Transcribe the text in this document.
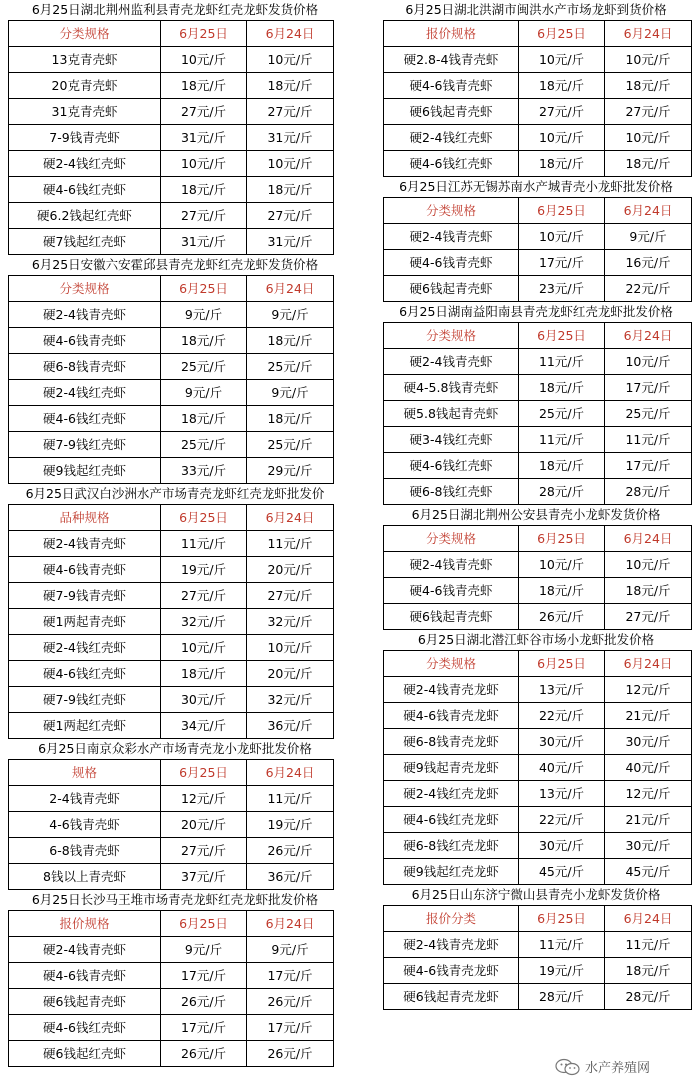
6月25日湖北荆州监利县青壳龙虾红壳龙虾发货价格
分类规格	6月25日	6月24日
13克青壳虾	10元/斤	10元/斤
20克青壳虾	18元/斤	18元/斤
31克青壳虾	27元/斤	27元/斤
7-9钱青壳虾	31元/斤	31元/斤
硬2-4钱红壳虾	10元/斤	10元/斤
硬4-6钱红壳虾	18元/斤	18元/斤
硬6.2钱起红壳虾	27元/斤	27元/斤
硬7钱起红壳虾	31元/斤	31元/斤
6月25日安徽六安霍邱县青壳龙虾红壳龙虾发货价格
分类规格	6月25日	6月24日
硬2-4钱青壳虾	9元/斤	9元/斤
硬4-6钱青壳虾	18元/斤	18元/斤
硬6-8钱青壳虾	25元/斤	25元/斤
硬2-4钱红壳虾	9元/斤	9元/斤
硬4-6钱红壳虾	18元/斤	18元/斤
硬7-9钱红壳虾	25元/斤	25元/斤
硬9钱起红壳虾	33元/斤	29元/斤
6月25日武汉白沙洲水产市场青壳龙虾红壳龙虾批发价
品种规格	6月25日	6月24日
硬2-4钱青壳虾	11元/斤	11元/斤
硬4-6钱青壳虾	19元/斤	20元/斤
硬7-9钱青壳虾	27元/斤	27元/斤
硬1两起青壳虾	32元/斤	32元/斤
硬2-4钱红壳虾	10元/斤	10元/斤
硬4-6钱红壳虾	18元/斤	20元/斤
硬7-9钱红壳虾	30元/斤	32元/斤
硬1两起红壳虾	34元/斤	36元/斤
6月25日南京众彩水产市场青壳龙小龙虾批发价格
规格	6月25日	6月24日
2-4钱青壳虾	12元/斤	11元/斤
4-6钱青壳虾	20元/斤	19元/斤
6-8钱青壳虾	27元/斤	26元/斤
8钱以上青壳虾	37元/斤	36元/斤
6月25日长沙马王堆市场青壳龙虾红壳龙虾批发价格
报价规格	6月25日	6月24日
硬2-4钱青壳虾	9元/斤	9元/斤
硬4-6钱青壳虾	17元/斤	17元/斤
硬6钱起青壳虾	26元/斤	26元/斤
硬4-6钱红壳虾	17元/斤	17元/斤
硬6钱起红壳虾	26元/斤	26元/斤
6月25日湖北洪湖市闽洪水产市场龙虾到货价格
报价规格	6月25日	6月24日
硬2.8-4钱青壳虾	10元/斤	10元/斤
硬4-6钱青壳虾	18元/斤	18元/斤
硬6钱起青壳虾	27元/斤	27元/斤
硬2-4钱红壳虾	10元/斤	10元/斤
硬4-6钱红壳虾	18元/斤	18元/斤
6月25日江苏无锡苏南水产城青壳小龙虾批发价格
分类规格	6月25日	6月24日
硬2-4钱青壳虾	10元/斤	9元/斤
硬4-6钱青壳虾	17元/斤	16元/斤
硬6钱起青壳虾	23元/斤	22元/斤
6月25日湖南益阳南县青壳龙虾红壳龙虾批发价格
分类规格	6月25日	6月24日
硬2-4钱青壳虾	11元/斤	10元/斤
硬4-5.8钱青壳虾	18元/斤	17元/斤
硬5.8钱起青壳虾	25元/斤	25元/斤
硬3-4钱红壳虾	11元/斤	11元/斤
硬4-6钱红壳虾	18元/斤	17元/斤
硬6-8钱红壳虾	28元/斤	28元/斤
6月25日湖北荆州公安县青壳小龙虾发货价格
分类规格	6月25日	6月24日
硬2-4钱青壳虾	10元/斤	10元/斤
硬4-6钱青壳虾	18元/斤	18元/斤
硬6钱起青壳虾	26元/斤	27元/斤
6月25日湖北潜江虾谷市场小龙虾批发价格
分类规格	6月25日	6月24日
硬2-4钱青壳龙虾	13元/斤	12元/斤
硬4-6钱青壳龙虾	22元/斤	21元/斤
硬6-8钱青壳龙虾	30元/斤	30元/斤
硬9钱起青壳龙虾	40元/斤	40元/斤
硬2-4钱红壳龙虾	13元/斤	12元/斤
硬4-6钱红壳龙虾	22元/斤	21元/斤
硬6-8钱红壳龙虾	30元/斤	30元/斤
硬9钱起红壳龙虾	45元/斤	45元/斤
6月25日山东济宁微山县青壳小龙虾发货价格
报价分类	6月25日	6月24日
硬2-4钱青壳龙虾	11元/斤	11元/斤
硬4-6钱青壳龙虾	19元/斤	18元/斤
硬6钱起青壳龙虾	28元/斤	28元/斤
水产养殖网
